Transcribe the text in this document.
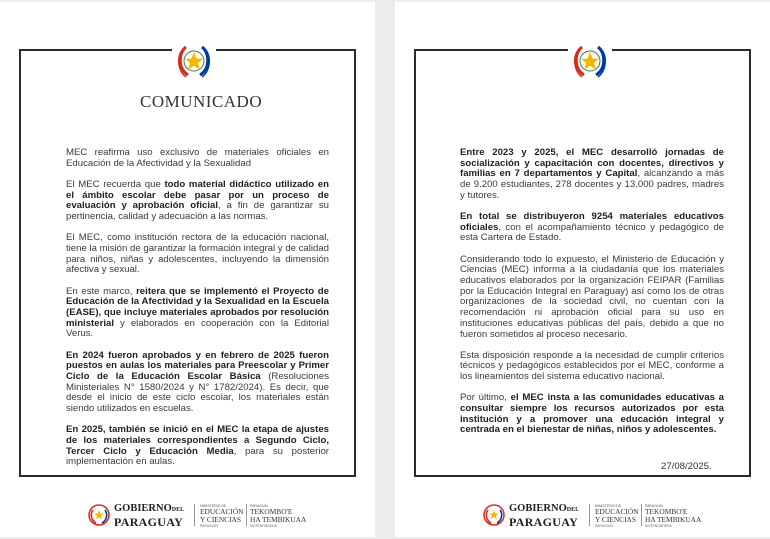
COMUNICADO

MEC reafirma uso exclusivo de materiales oficiales en Educación de la Afectividad y la Sexualidad

El MEC recuerda que todo material didáctico utilizado en el ámbito escolar debe pasar por un proceso de evaluación y aprobación oficial, a fin de garantizar su pertinencia, calidad y adecuación a las normas.

El MEC, como institución rectora de la educación nacional, tiene la misión de garantizar la formación integral y de calidad para niños, niñas y adolescentes, incluyendo la dimensión afectiva y sexual.

En este marco, reitera que se implementó el Proyecto de Educación de la Afectividad y la Sexualidad en la Escuela (EASE), que incluye materiales aprobados por resolución ministerial y elaborados en cooperación con la Editorial Verus.

En 2024 fueron aprobados y en febrero de 2025 fueron puestos en aulas los materiales para Preescolar y Primer Ciclo de la Educación Escolar Básica (Resoluciones Ministeriales N° 1580/2024 y N° 1782/2024). Es decir, que desde el inicio de este ciclo escolar, los materiales están siendo utilizados en escuelas.

En 2025, también se inició en el MEC la etapa de ajustes de los materiales correspondientes a Segundo Ciclo, Tercer Ciclo y Educación Media, para su posterior implementación en aulas.

GOBIERNODEL
PARAGUAY
MINISTERIO DE
EDUCACIÓN
Y CIENCIAS
PARAGUAY
PARAGUÁI
TEKOMBO'E
HA TEMBIKUAA
MOTENONDEHA

Entre 2023 y 2025, el MEC desarrolló jornadas de socialización y capacitación con docentes, directivos y familias en 7 departamentos y Capital, alcanzando a más de 9.200 estudiantes, 278 docentes y 13.000 padres, madres y tutores.

En total se distribuyeron 9254 materiales educativos oficiales, con el acompañamiento técnico y pedagógico de esta Cartera de Estado.

Considerando todo lo expuesto, el Ministerio de Educación y Ciencias (MEC) informa a la ciudadanía que los materiales educativos elaborados por la organización FEIPAR (Familias por la Educación Integral en Paraguay) así como los de otras organizaciones de la sociedad civil, no cuentan con la recomendación ni aprobación oficial para su uso en instituciones educativas públicas del país, debido a que no fueron sometidos al proceso necesario.

Esta disposición responde a la necesidad de cumplir criterios técnicos y pedagógicos establecidos por el MEC, conforme a los lineamientos del sistema educativo nacional.

Por último, el MEC insta a las comunidades educativas a consultar siempre los recursos autorizados por esta institución y a promover una educación integral y centrada en el bienestar de niñas, niños y adolescentes.

27/08/2025.
GOBIERNODEL
PARAGUAY
MINISTERIO DE
EDUCACIÓN
Y CIENCIAS
PARAGUAY
PARAGUÁI
TEKOMBO'E
HA TEMBIKUAA
MOTENONDEHA
